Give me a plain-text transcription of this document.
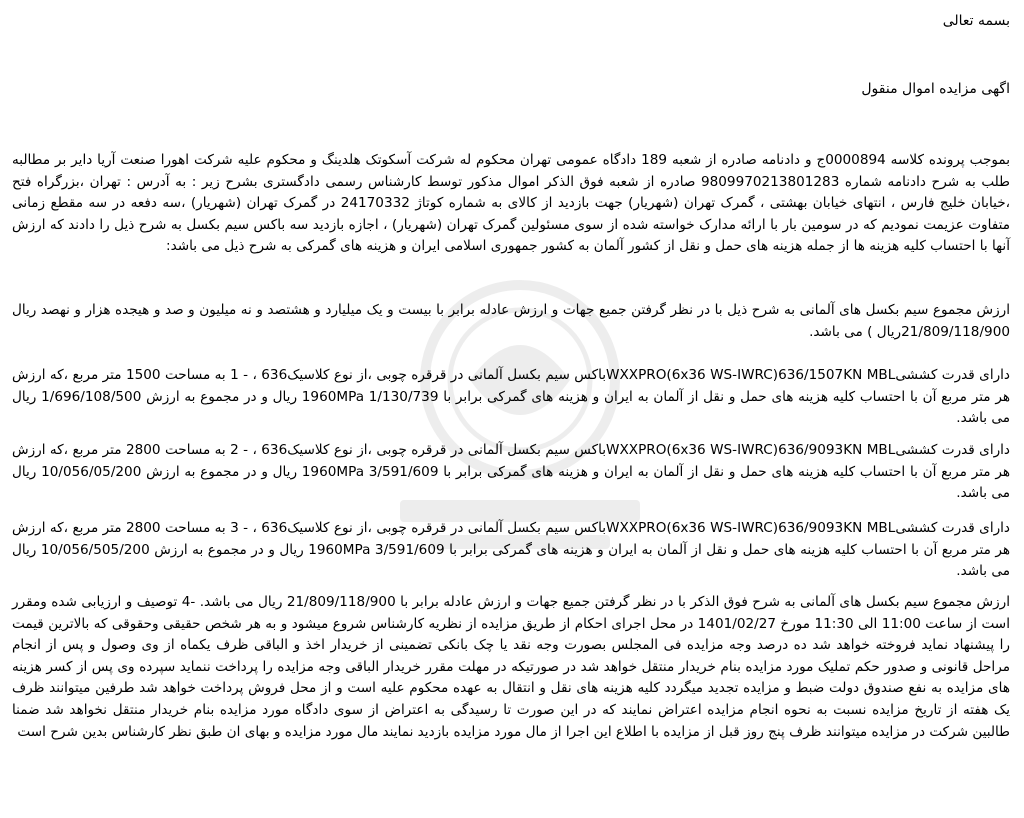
بسمه تعالی
اگهی مزایده اموال منقول
بموجب پرونده کلاسه 0000894ج و دادنامه صادره از شعبه 189 دادگاه عمومی تهران محکوم له شرکت آسکوتک هلدینگ و محکوم علیه شرکت اهورا صنعت آریا دایر بر مطالبه طلب به شرح دادنامه شماره 9809970213801283 صادره از شعبه فوق الذکر اموال مذکور توسط کارشناس رسمی دادگستری بشرح زیر : به آدرس : تهران ،بزرگراه فتح ،خیابان خلیج فارس ، انتهای خیابان بهشتی ، گمرک تهران (شهریار) جهت بازدید از کالای به شماره کوتاژ 24170332 در گمرک تهران (شهریار) ،سه دفعه در سه مقطع زمانی متفاوت عزیمت نمودیم که در سومین بار با ارائه مدارک خواسته شده از سوی مسئولین گمرک تهران (شهریار) ، اجازه بازدید سه باکس سیم بکسل به شرح ذیل را دادند که ارزش آنها با احتساب کلیه هزینه ها از جمله هزینه های حمل و نقل از کشور آلمان به کشور جمهوری اسلامی ایران و هزینه های گمرکی به شرح ذیل می باشد:
ارزش مجموع سیم بکسل های آلمانی به شرح ذیل با در نظر گرفتن جمیع جهات و ارزش عادله برابر با بیست و یک میلیارد و هشتصد و نه میلیون و صد و هیجده هزار و نهصد ریال 21/809/118/900ریال ) می باشد.
دارای قدرت کششیWXXPRO(6x36 WS-IWRC)636/1507KN MBLباکس سیم بکسل آلمانی در قرقره چوبی ،از نوع کلاسیک636 ، - 1 به مساحت 1500 متر مربع ،که ارزش هر متر مربع آن با احتساب کلیه هزینه های حمل و نقل از آلمان به ایران و هزینه های گمرکی برابر با 1960MPa 1/130/739 ریال و در مجموع به ارزش 1/696/108/500 ریال می باشد.
دارای قدرت کششیWXXPRO(6x36 WS-IWRC)636/9093KN MBLباکس سیم بکسل آلمانی در قرقره چوبی ،از نوع کلاسیک636 ، - 2 به مساحت 2800 متر مربع ،که ارزش هر متر مربع آن با احتساب کلیه هزینه های حمل و نقل از آلمان به ایران و هزینه های گمرکی برابر با 1960MPa 3/591/609 ریال و در مجموع به ارزش 10/056/05/200 ریال می باشد.
دارای قدرت کششیWXXPRO(6x36 WS-IWRC)636/9093KN MBLباکس سیم بکسل آلمانی در قرقره چوبی ،از نوع کلاسیک636 ، - 3 به مساحت 2800 متر مربع ،که ارزش هر متر مربع آن با احتساب کلیه هزینه های حمل و نقل از آلمان به ایران و هزینه های گمرکی برابر با 1960MPa 3/591/609 ریال و در مجموع به ارزش 10/056/505/200 ریال می باشد.
ارزش مجموع سیم بکسل های آلمانی به شرح فوق الذکر با در نظر گرفتن جمیع جهات و ارزش عادله برابر با 21/809/118/900 ریال می باشد. -4 توصیف و ارزیابی شده ومقرر است از ساعت 11:00 الی 11:30 مورخ 1401/02/27 در محل اجرای احکام از طریق مزایده از نظریه کارشناس شروع میشود و به هر شخص حقیقی وحقوقی که بالاترین قیمت را پیشنهاد نماید فروخته خواهد شد ده درصد وجه مزایده فی المجلس بصورت وجه نقد یا چک بانکی تضمینی از خریدار اخذ و الباقی ظرف یکماه از وی وصول و پس از انجام مراحل قانونی و صدور حکم تملیک مورد مزایده بنام خریدار منتقل خواهد شد در صورتیکه در مهلت مقرر خریدار الباقی وجه مزایده را پرداخت ننماید سپرده وی پس از کسر هزینه های مزایده به نفع صندوق دولت ضبط و مزایده تجدید میگردد کلیه هزینه های نقل و انتقال به عهده محکوم علیه است و از محل فروش پرداخت خواهد شد طرفین میتوانند ظرف یک هفته از تاریخ مزایده نسبت به نحوه انجام مزایده اعتراض نمایند که در این صورت تا رسیدگی به اعتراض از سوی دادگاه مورد مزایده بنام خریدار منتقل نخواهد شد ضمنا طالبین شرکت در مزایده میتوانند ظرف پنج روز قبل از مزایده با اطلاع این اجرا از مال مورد مزایده بازدید نمایند مال مورد مزایده و بهای ان طبق نظر کارشناس بدین شرح است
